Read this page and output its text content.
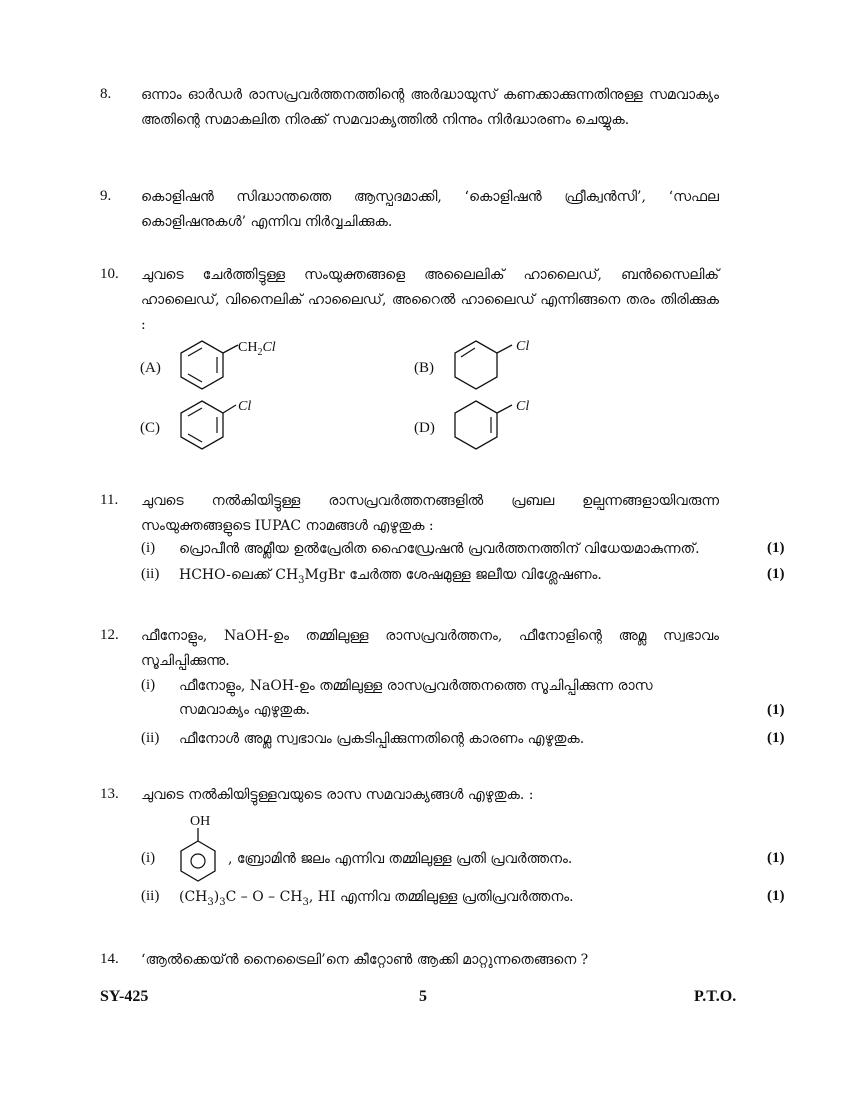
8.	ഒന്നാം ഓർഡർ രാസപ്രവർത്തനത്തിന്റെ അർദ്ധായുസ് കണക്കാക്കുന്നതിനുള്ള സമവാക്യം അതിന്റെ സമാകലിത നിരക്ക് സമവാക്യത്തിൽ നിന്നും നിർദ്ധാരണം ചെയ്യുക.
9.	കൊളിഷൻ സിദ്ധാന്തത്തെ ആസ്പദമാക്കി, ‘കൊളിഷൻ ഫ്രീക്വൻസി’, ‘സഫല കൊളിഷനുകൾ’ എന്നിവ നിർവ്വചിക്കുക.
10.	ചുവടെ ചേർത്തിട്ടുള്ള സംയുക്തങ്ങളെ അലൈലിക് ഹാലൈഡ്, ബൻസൈലിക് ഹാലൈഡ്, വിനൈലിക് ഹാലൈഡ്, അറൈൽ ഹാലൈഡ് എന്നിങ്ങനെ തരം തിരിക്കുക :
(A)
$CH_2Cl$
(B)
Cl
(C)
Cl
(D)
Cl
11.	ചുവടെ നൽകിയിട്ടുള്ള രാസപ്രവർത്തനങ്ങളിൽ പ്രബല ഉല്പന്നങ്ങളായിവരുന്ന സംയുക്തങ്ങളുടെ IUPAC നാമങ്ങൾ എഴുതുക :
(i) പ്രൊപീൻ അമ്ലീയ ഉൽപ്രേരിത ഹൈഡ്രേഷൻ പ്രവർത്തനത്തിന് വിധേയമാകുന്നത്.	(1)
(ii) HCHO-ലെക്ക് $CH_3MgBr$ ചേർത്ത ശേഷമുള്ള ജലീയ വിശ്ലേഷണം.	(1)
12.	ഫീനോളും, NaOH-ഉം തമ്മിലുള്ള രാസപ്രവർത്തനം, ഫീനോളിന്റെ അമ്ല സ്വഭാവം സൂചിപ്പിക്കുന്നു.
(i) ഫീനോളും, NaOH-ഉം തമ്മിലുള്ള രാസപ്രവർത്തനത്തെ സൂചിപ്പിക്കുന്ന രാസ സമവാക്യം എഴുതുക.	(1)
(ii) ഫീനോൾ അമ്ല സ്വഭാവം പ്രകടിപ്പിക്കുന്നതിന്റെ കാരണം എഴുതുക.	(1)
13.	ചുവടെ നൽകിയിട്ടുള്ളവയുടെ രാസ സമവാക്യങ്ങൾ എഴുതുക. :
OH
(i)	, ബ്രോമിൻ ജലം എന്നിവ തമ്മിലുള്ള പ്രതി പ്രവർത്തനം.	(1)
(ii) $(CH_3)_3C$ – O – $CH_3$, HI എന്നിവ തമ്മിലുള്ള പ്രതിപ്രവർത്തനം.	(1)
14.	‘ആൽക്കെയ്ൻ നൈട്രൈലി’നെ കീറ്റോൺ ആക്കി മാറ്റുന്നതെങ്ങനെ ?
SY-425	5	P.T.O.
